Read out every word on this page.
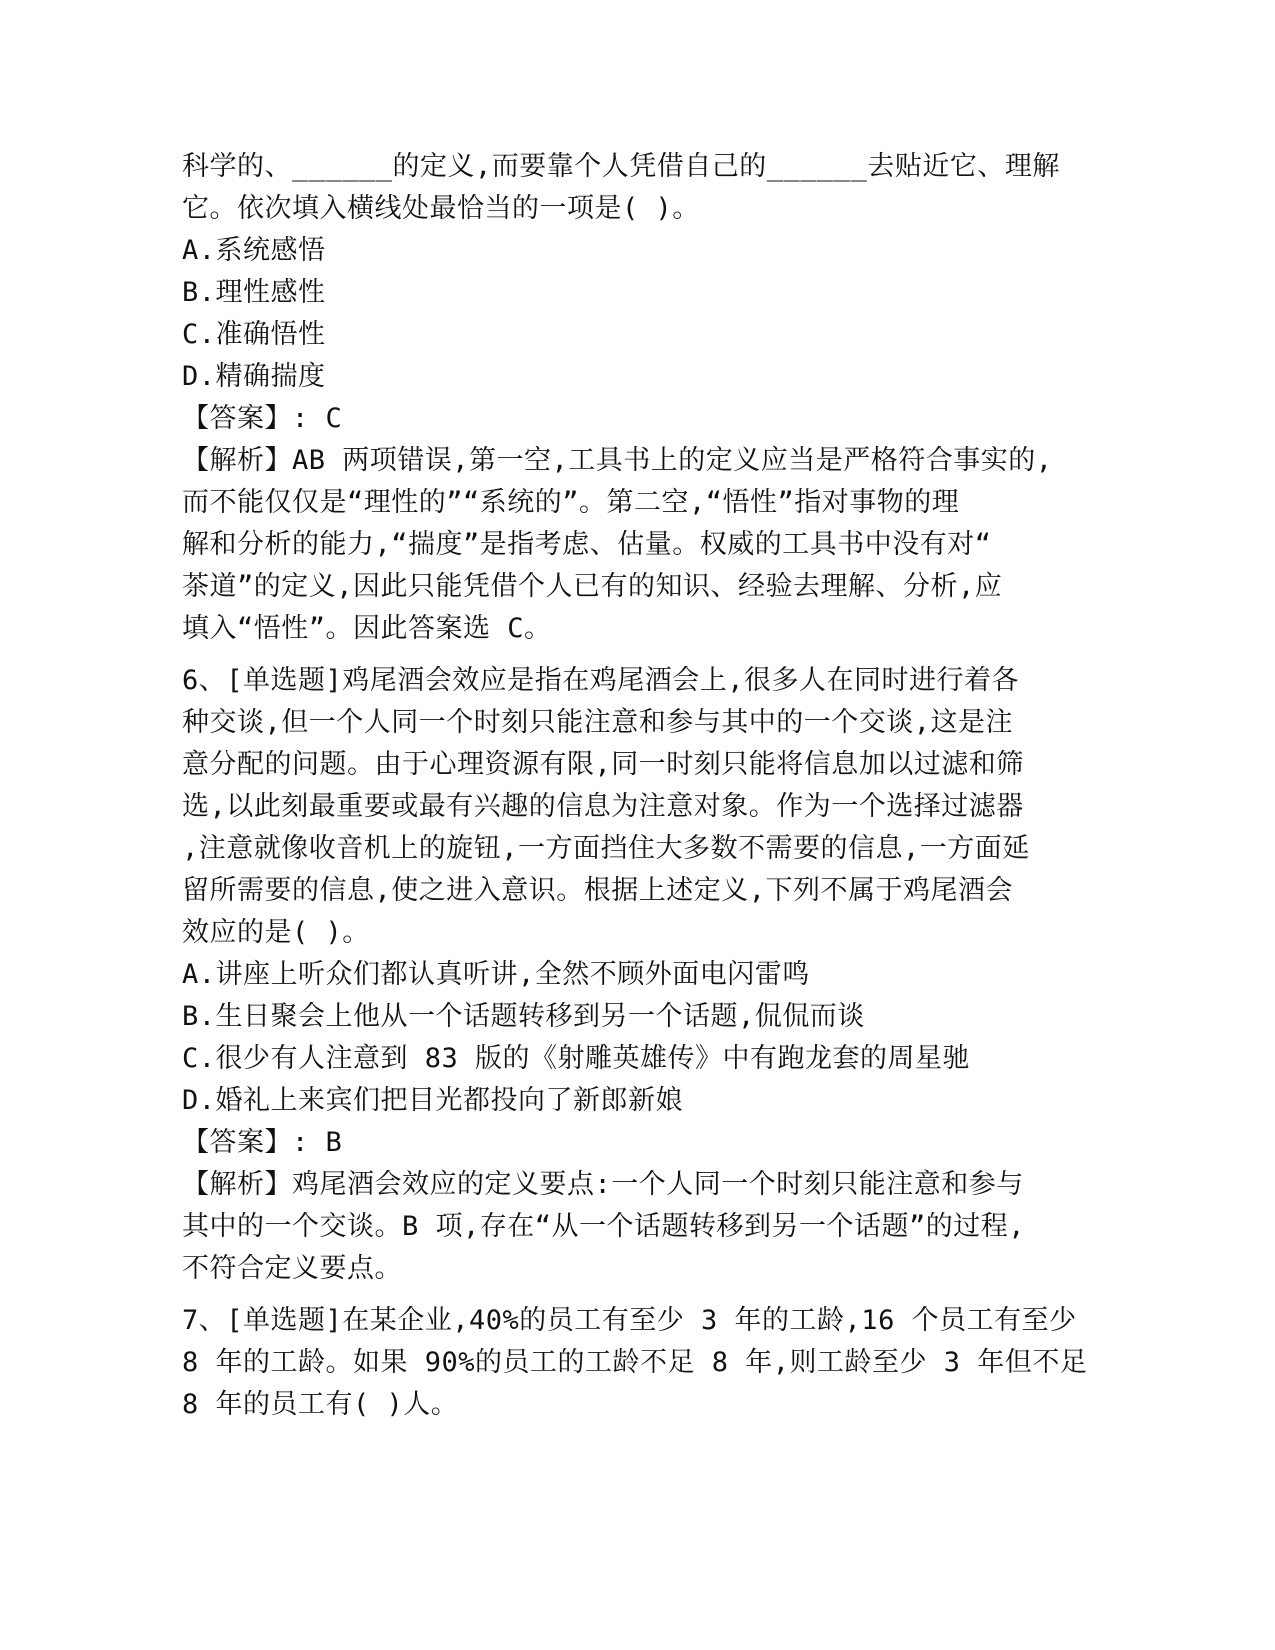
科学的、______的定义,而要靠个人凭借自己的______去贴近它、理解
它。依次填入横线处最恰当的一项是( )。
A.系统感悟
B.理性感性
C.准确悟性
D.精确揣度
【答案】: C
【解析】AB 两项错误,第一空,工具书上的定义应当是严格符合事实的,
而不能仅仅是“理性的”“系统的”。第二空,“悟性”指对事物的理
解和分析的能力,“揣度”是指考虑、估量。权威的工具书中没有对“
茶道”的定义,因此只能凭借个人已有的知识、经验去理解、分析,应
填入“悟性”。因此答案选 C。
6、[单选题]鸡尾酒会效应是指在鸡尾酒会上,很多人在同时进行着各
种交谈,但一个人同一个时刻只能注意和参与其中的一个交谈,这是注
意分配的问题。由于心理资源有限,同一时刻只能将信息加以过滤和筛
选,以此刻最重要或最有兴趣的信息为注意对象。作为一个选择过滤器
,注意就像收音机上的旋钮,一方面挡住大多数不需要的信息,一方面延
留所需要的信息,使之进入意识。根据上述定义,下列不属于鸡尾酒会
效应的是( )。
A.讲座上听众们都认真听讲,全然不顾外面电闪雷鸣
B.生日聚会上他从一个话题转移到另一个话题,侃侃而谈
C.很少有人注意到 83 版的《射雕英雄传》中有跑龙套的周星驰
D.婚礼上来宾们把目光都投向了新郎新娘
【答案】: B
【解析】鸡尾酒会效应的定义要点:一个人同一个时刻只能注意和参与
其中的一个交谈。B 项,存在“从一个话题转移到另一个话题”的过程,
不符合定义要点。
7、[单选题]在某企业,40%的员工有至少 3 年的工龄,16 个员工有至少
8 年的工龄。如果 90%的员工的工龄不足 8 年,则工龄至少 3 年但不足
8 年的员工有( )人。
